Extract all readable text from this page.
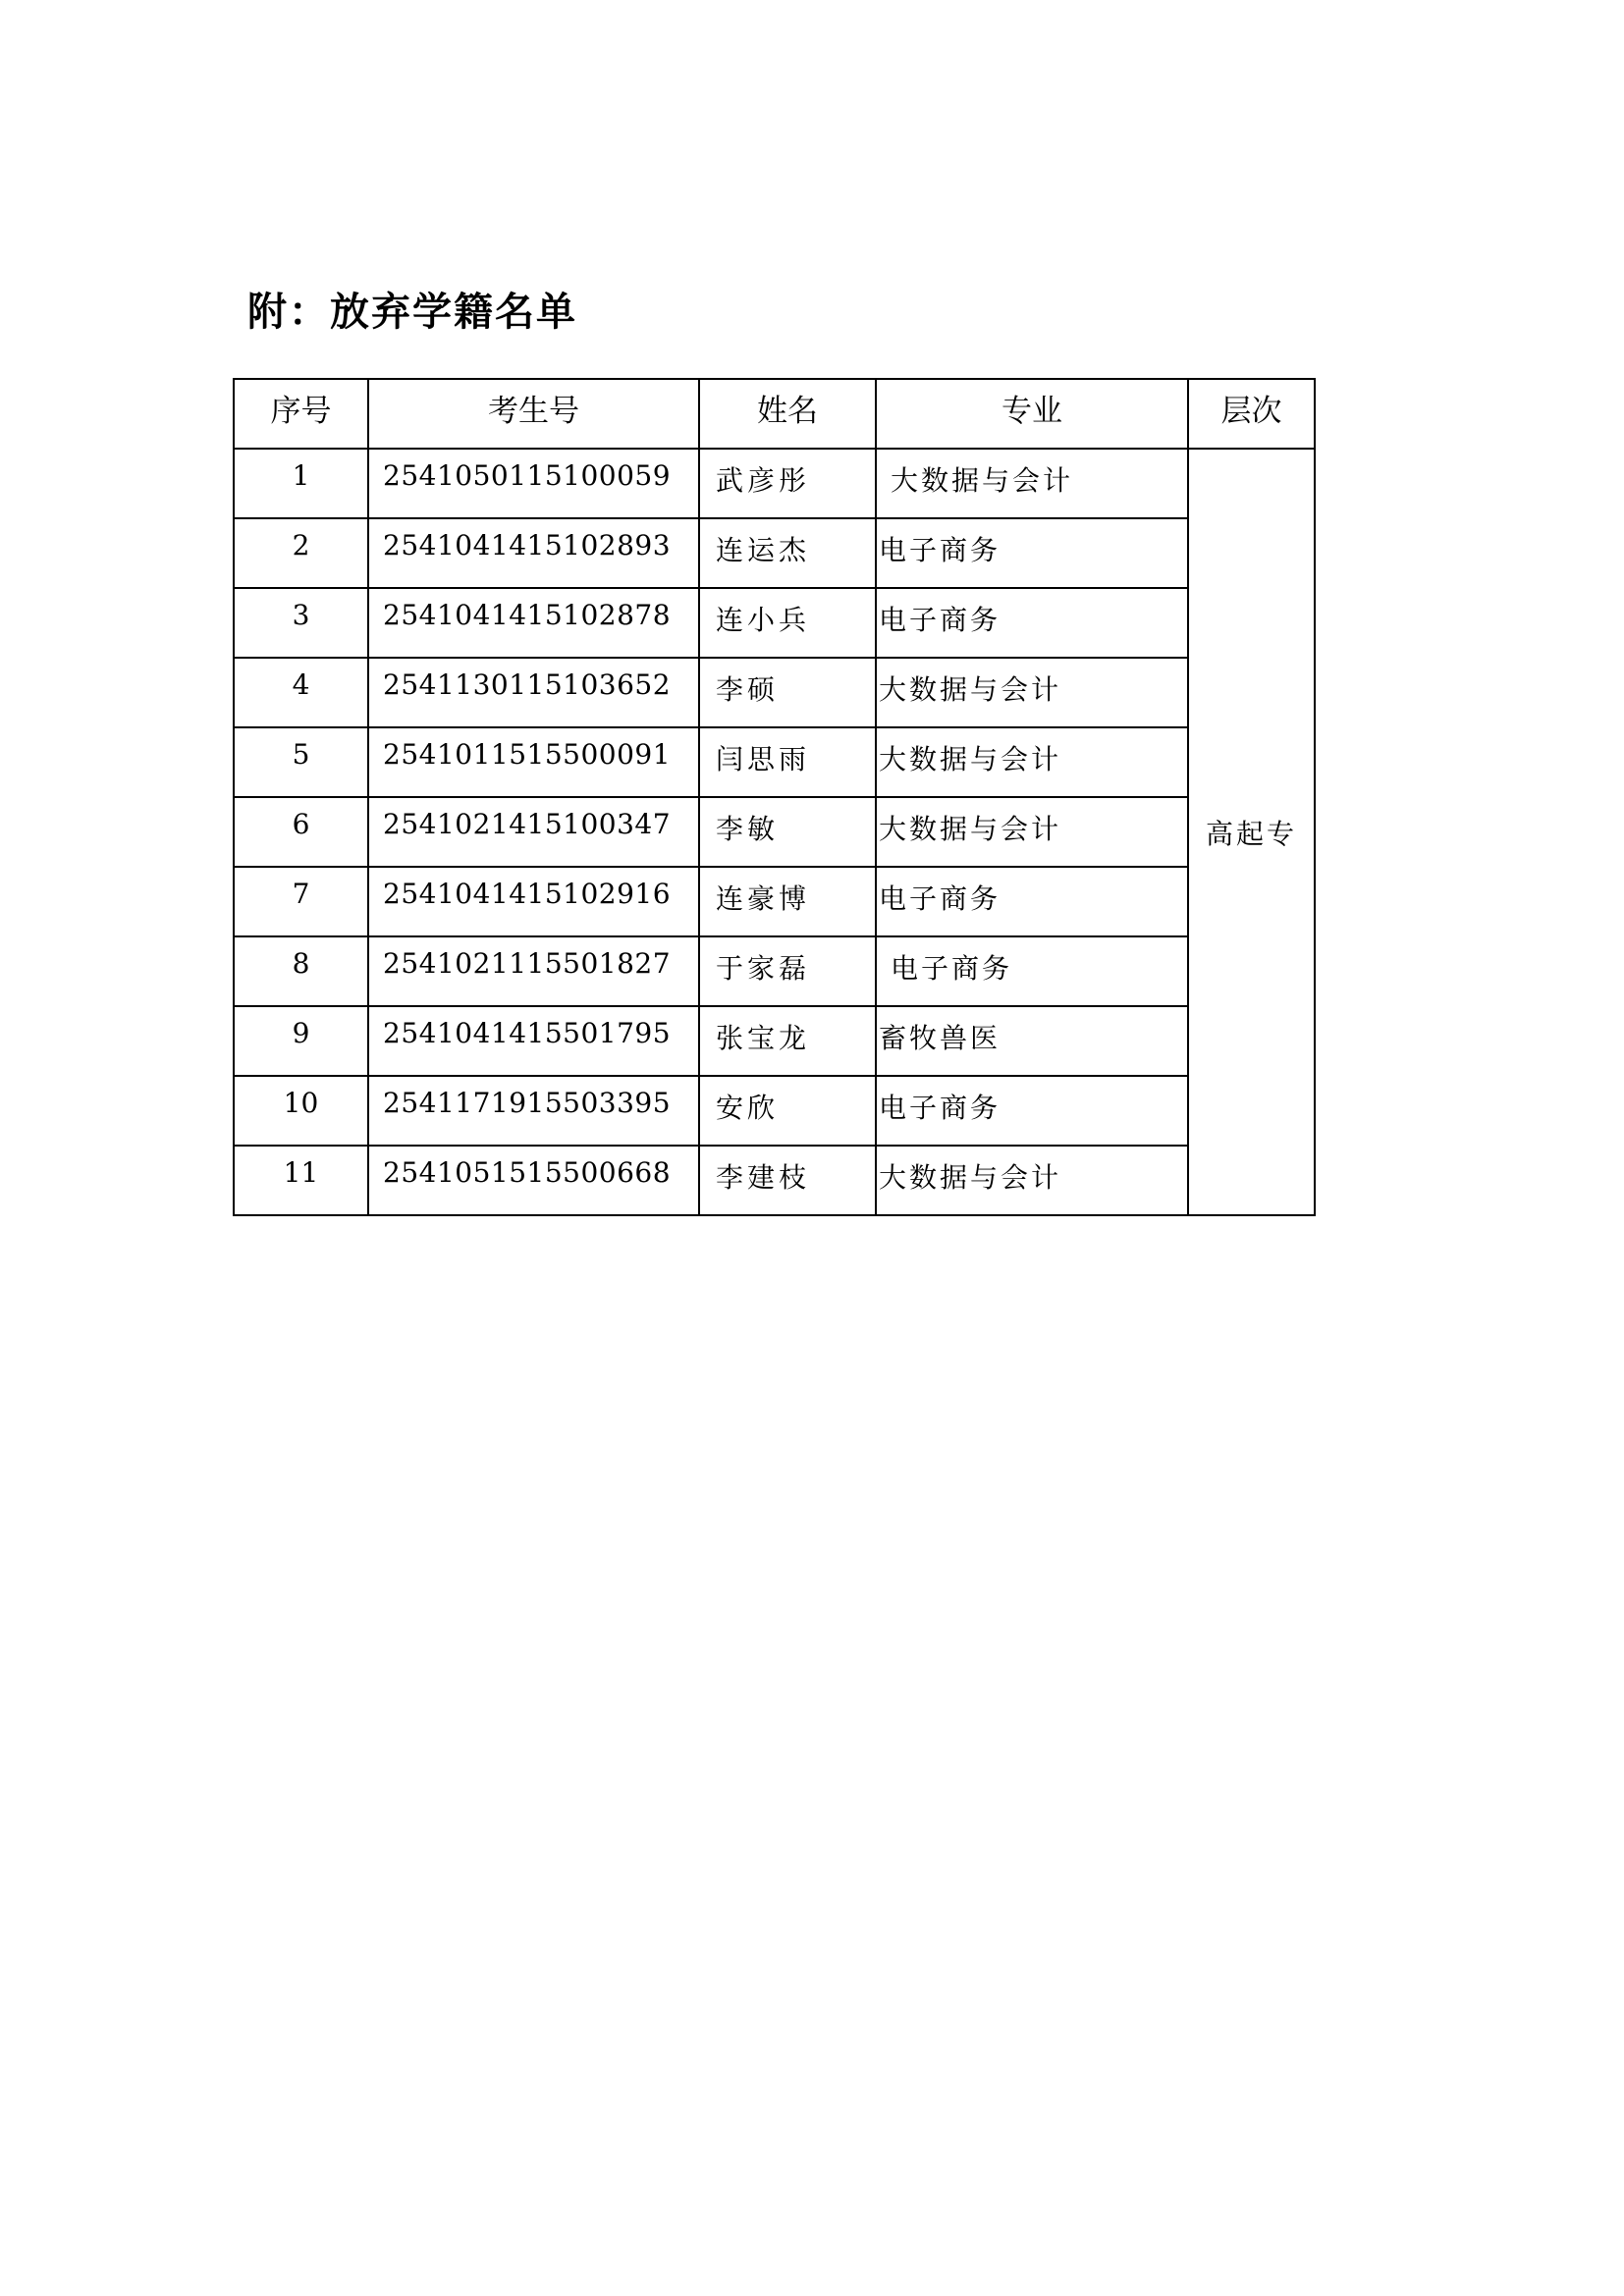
附：放弃学籍名单
序号	考生号	姓名	专业	层次
1	2541050115100059	武彦彤	大数据与会计	高起专
2	2541041415102893	连运杰	电子商务	
3	2541041415102878	连小兵	电子商务	
4	2541130115103652	李硕	大数据与会计	
5	2541011515500091	闫思雨	大数据与会计	
6	2541021415100347	李敏	大数据与会计	
7	2541041415102916	连豪博	电子商务	
8	2541021115501827	于家磊	电子商务	
9	2541041415501795	张宝龙	畜牧兽医	
10	2541171915503395	安欣	电子商务	
11	2541051515500668	李建枝	大数据与会计	
